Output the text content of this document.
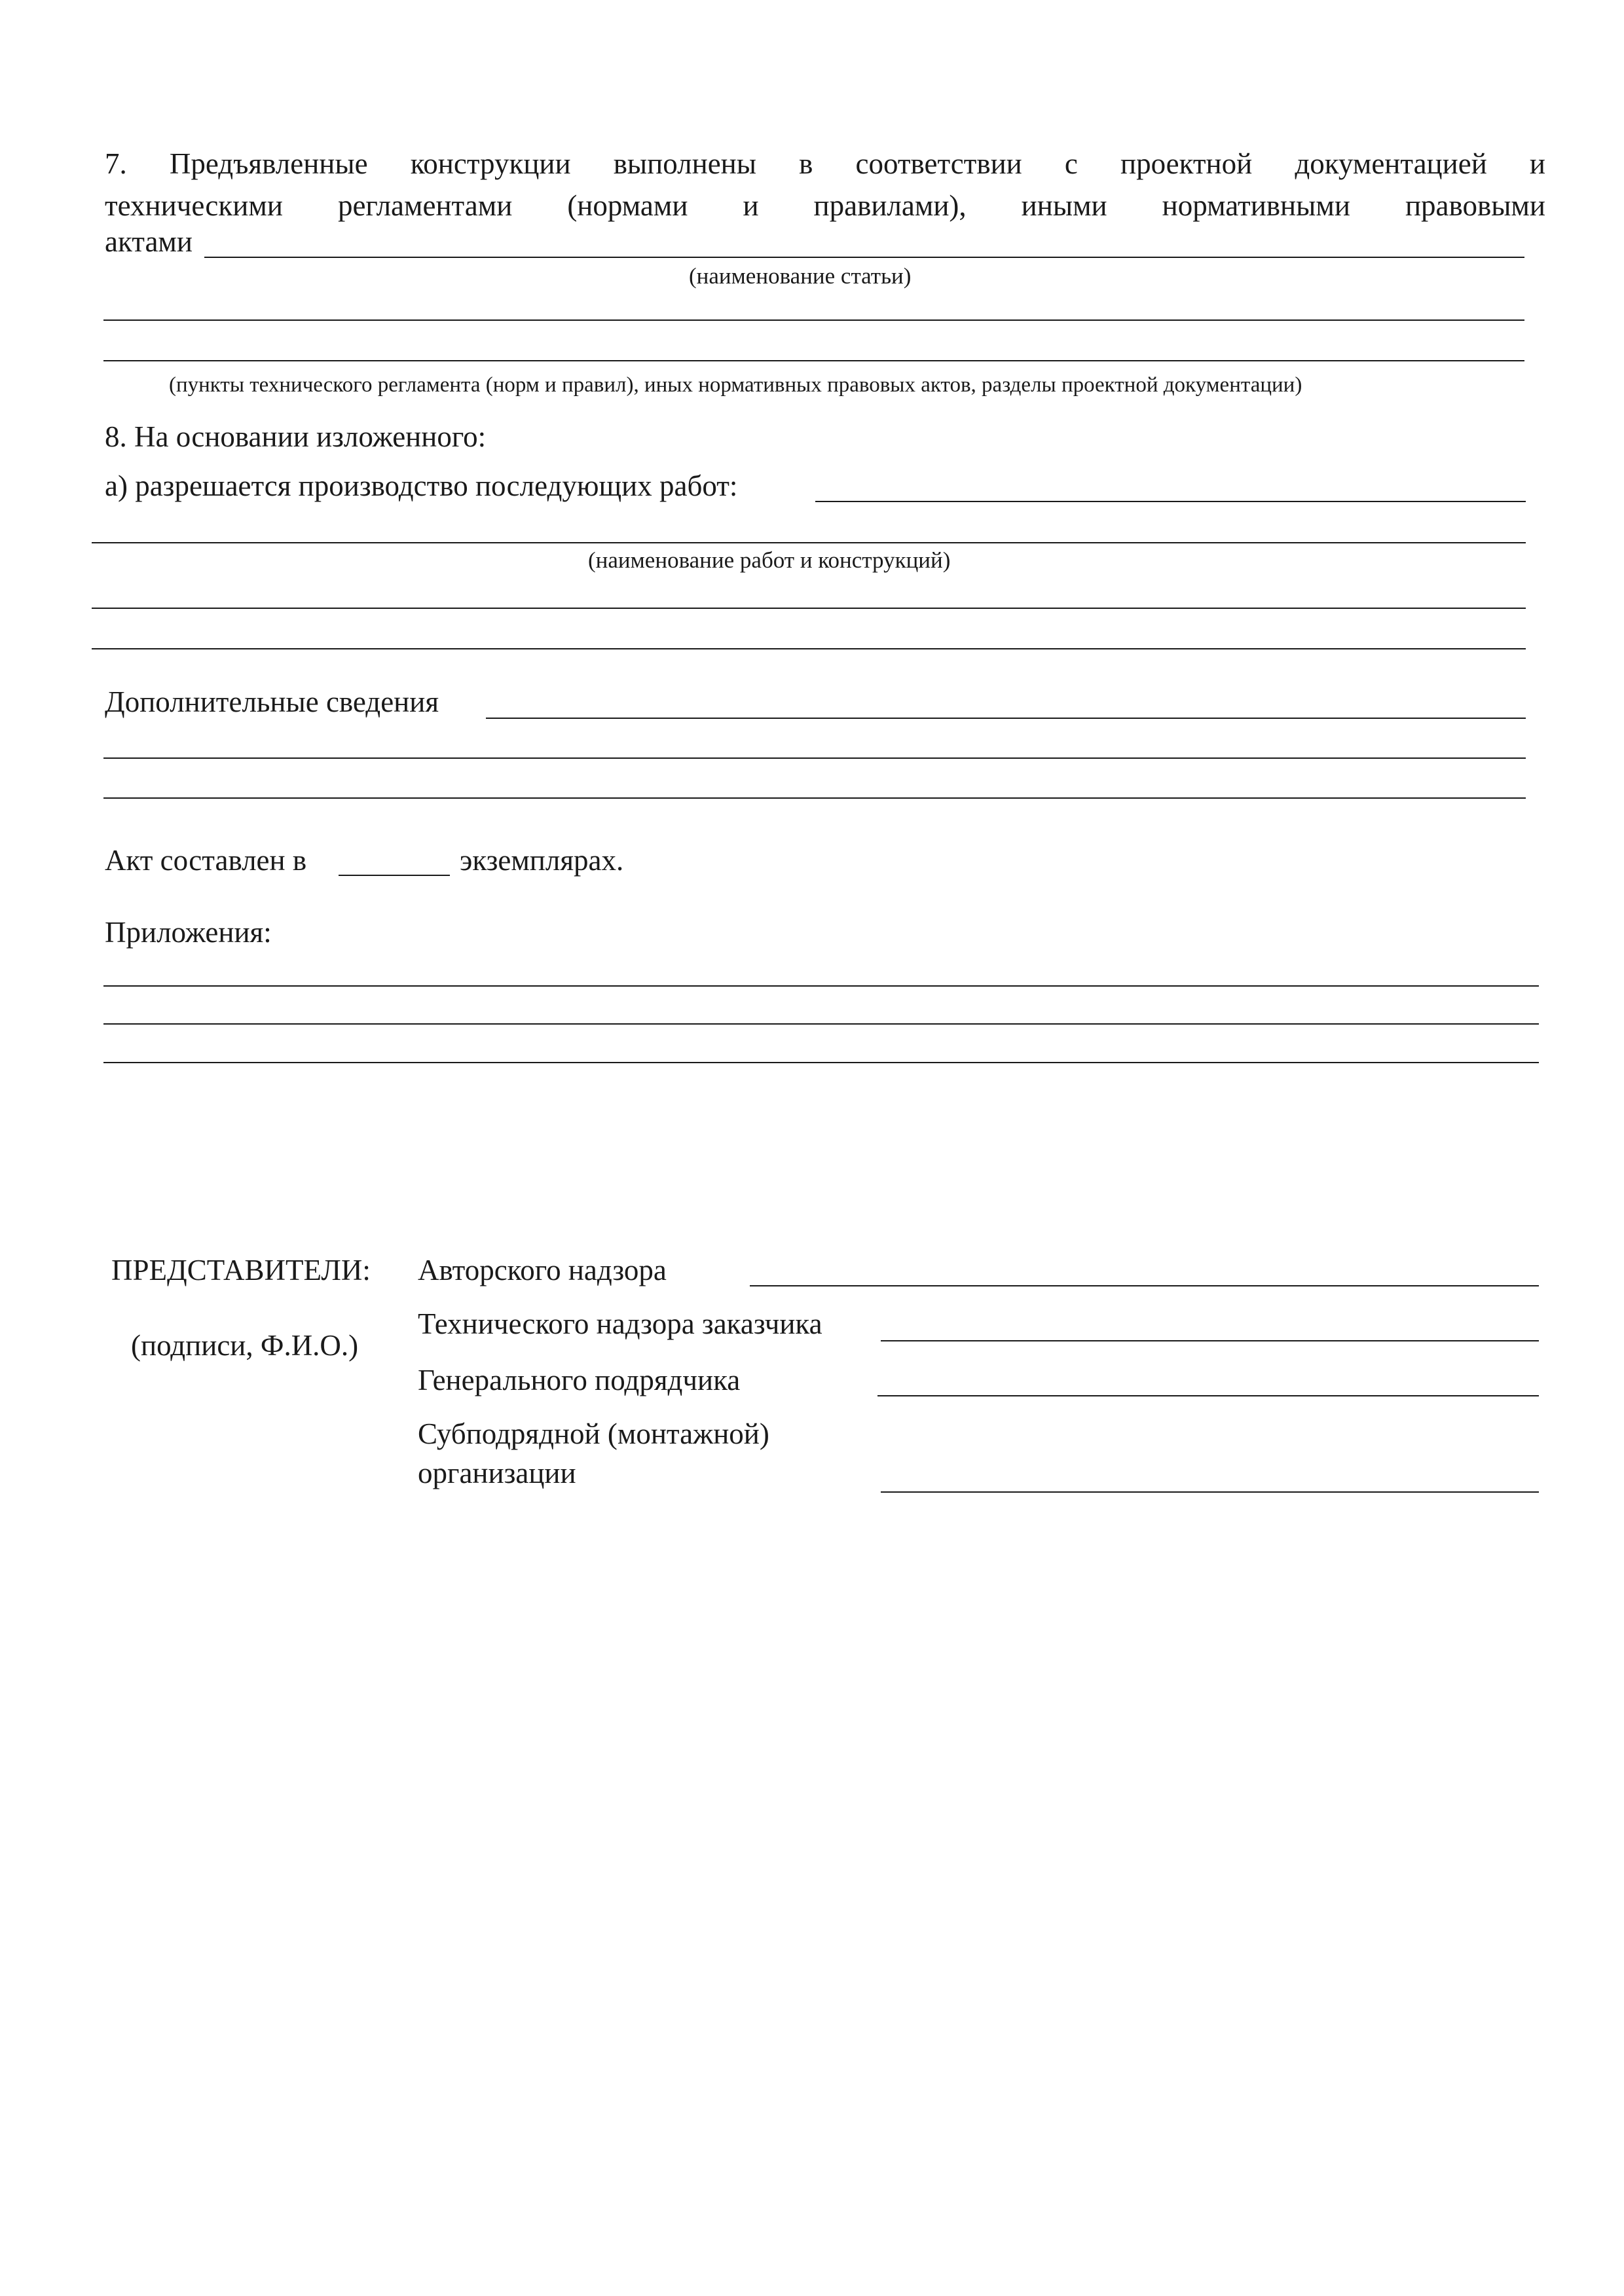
7. Предъявленные конструкции выполнены в соответствии с проектной документацией и
техническими регламентами (нормами и правилами), иными нормативными правовыми
актами
(наименование статьи)
(пункты технического регламента (норм и правил), иных нормативных правовых актов, разделы проектной документации)
8. На основании изложенного:
а) разрешается производство последующих работ:
(наименование работ и конструкций)
Дополнительные сведения
Акт составлен в	экземплярах.
Приложения:
ПРЕДСТАВИТЕЛИ:
(подписи, Ф.И.О.)
Авторского надзора
Технического надзора заказчика
Генерального подрядчика
Субподрядной (монтажной)
организации
